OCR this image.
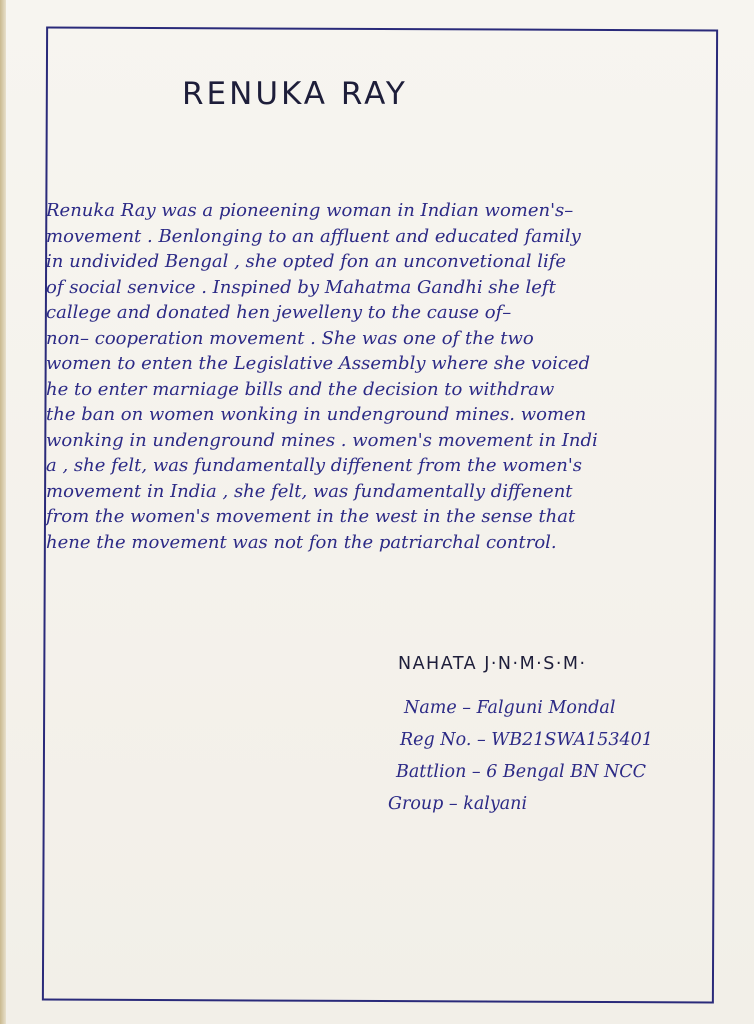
RENUKA RAY
Renuka Ray was a pioneening woman in Indian women's–
movement . Benlonging to an affluent and educated family
in undivided Bengal , she opted fon an unconvetional life
of social senvice . Inspined by Mahatma Gandhi she left
callege and donated hen jewelleny to the cause of–
non– cooperation movement . She was one of the two
women to enten the Legislative Assembly where she voiced
he to enter marniage bills and the decision to withdraw
the ban on women wonking in undenground mines. women
wonking in undenground mines . women's movement in Indi
a , she felt, was fundamentally diffenent from the women's
movement in India , she felt, was fundamentally diffenent
from the women's movement in the west in the sense that
hene the movement was not fon the patriarchal control.
NAHATA J·N·M·S·M·
Name – Falguni Mondal
Reg No. – WB21SWA153401
Battlion – 6 Bengal BN NCC
Group – kalyani
